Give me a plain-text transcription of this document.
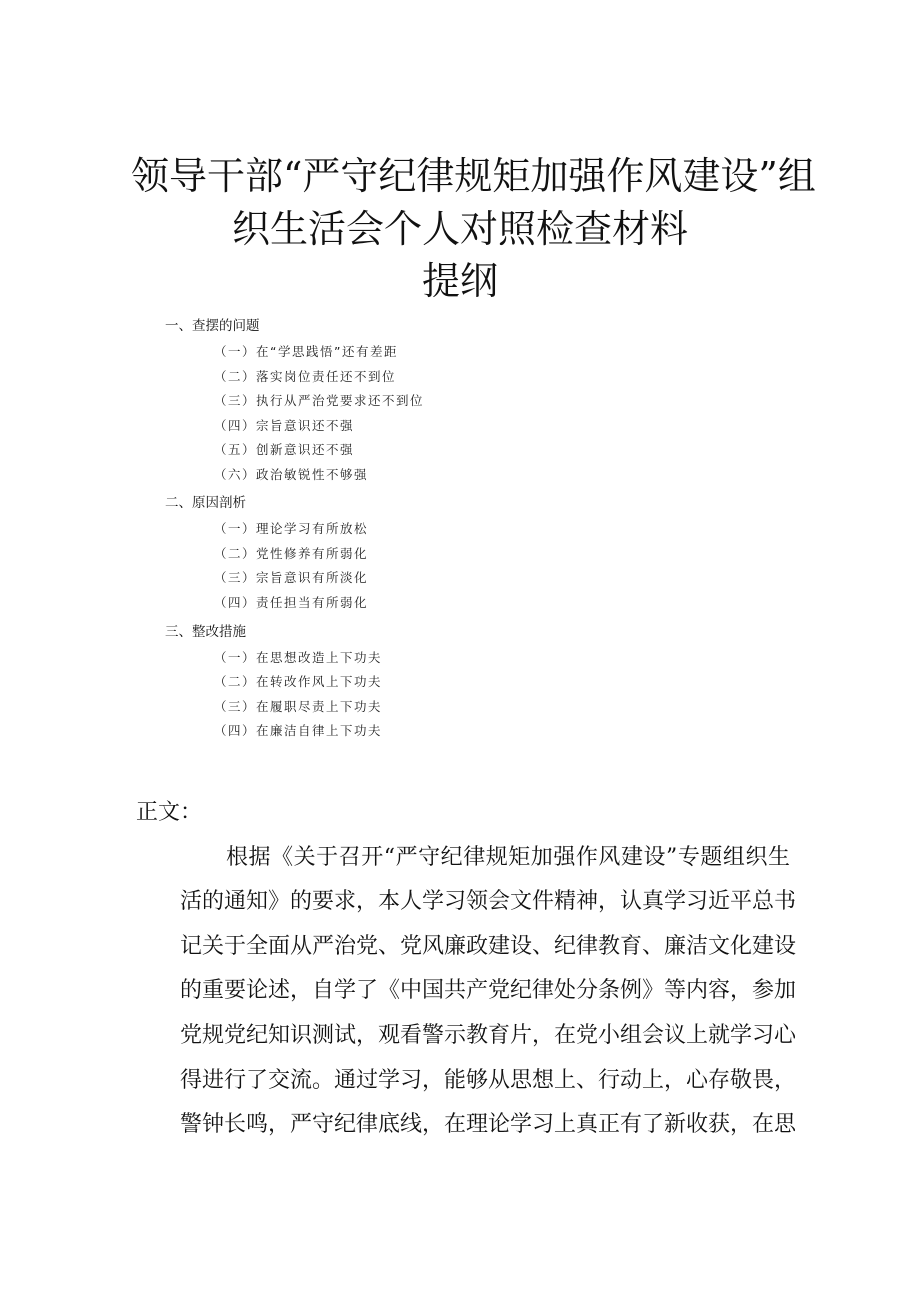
领导干部“严守纪律规矩加强作风建设”组
织生活会个人对照检查材料
提纲
一、查摆的问题
（一）在“学思践悟”还有差距
（二）落实岗位责任还不到位
（三）执行从严治党要求还不到位
（四）宗旨意识还不强
（五）创新意识还不强
（六）政治敏锐性不够强
二、原因剖析
（一）理论学习有所放松
（二）党性修养有所弱化
（三）宗旨意识有所淡化
（四）责任担当有所弱化
三、整改措施
（一）在思想改造上下功夫
（二）在转改作风上下功夫
（三）在履职尽责上下功夫
（四）在廉洁自律上下功夫
正文：
根据《关于召开“严守纪律规矩加强作风建设”专题组织生
活的通知》的要求，本人学习领会文件精神，认真学习近平总书
记关于全面从严治党、党风廉政建设、纪律教育、廉洁文化建设
的重要论述，自学了《中国共产党纪律处分条例》等内容，参加
党规党纪知识测试，观看警示教育片，在党小组会议上就学习心
得进行了交流。通过学习，能够从思想上、行动上，心存敬畏，
警钟长鸣，严守纪律底线，在理论学习上真正有了新收获，在思
